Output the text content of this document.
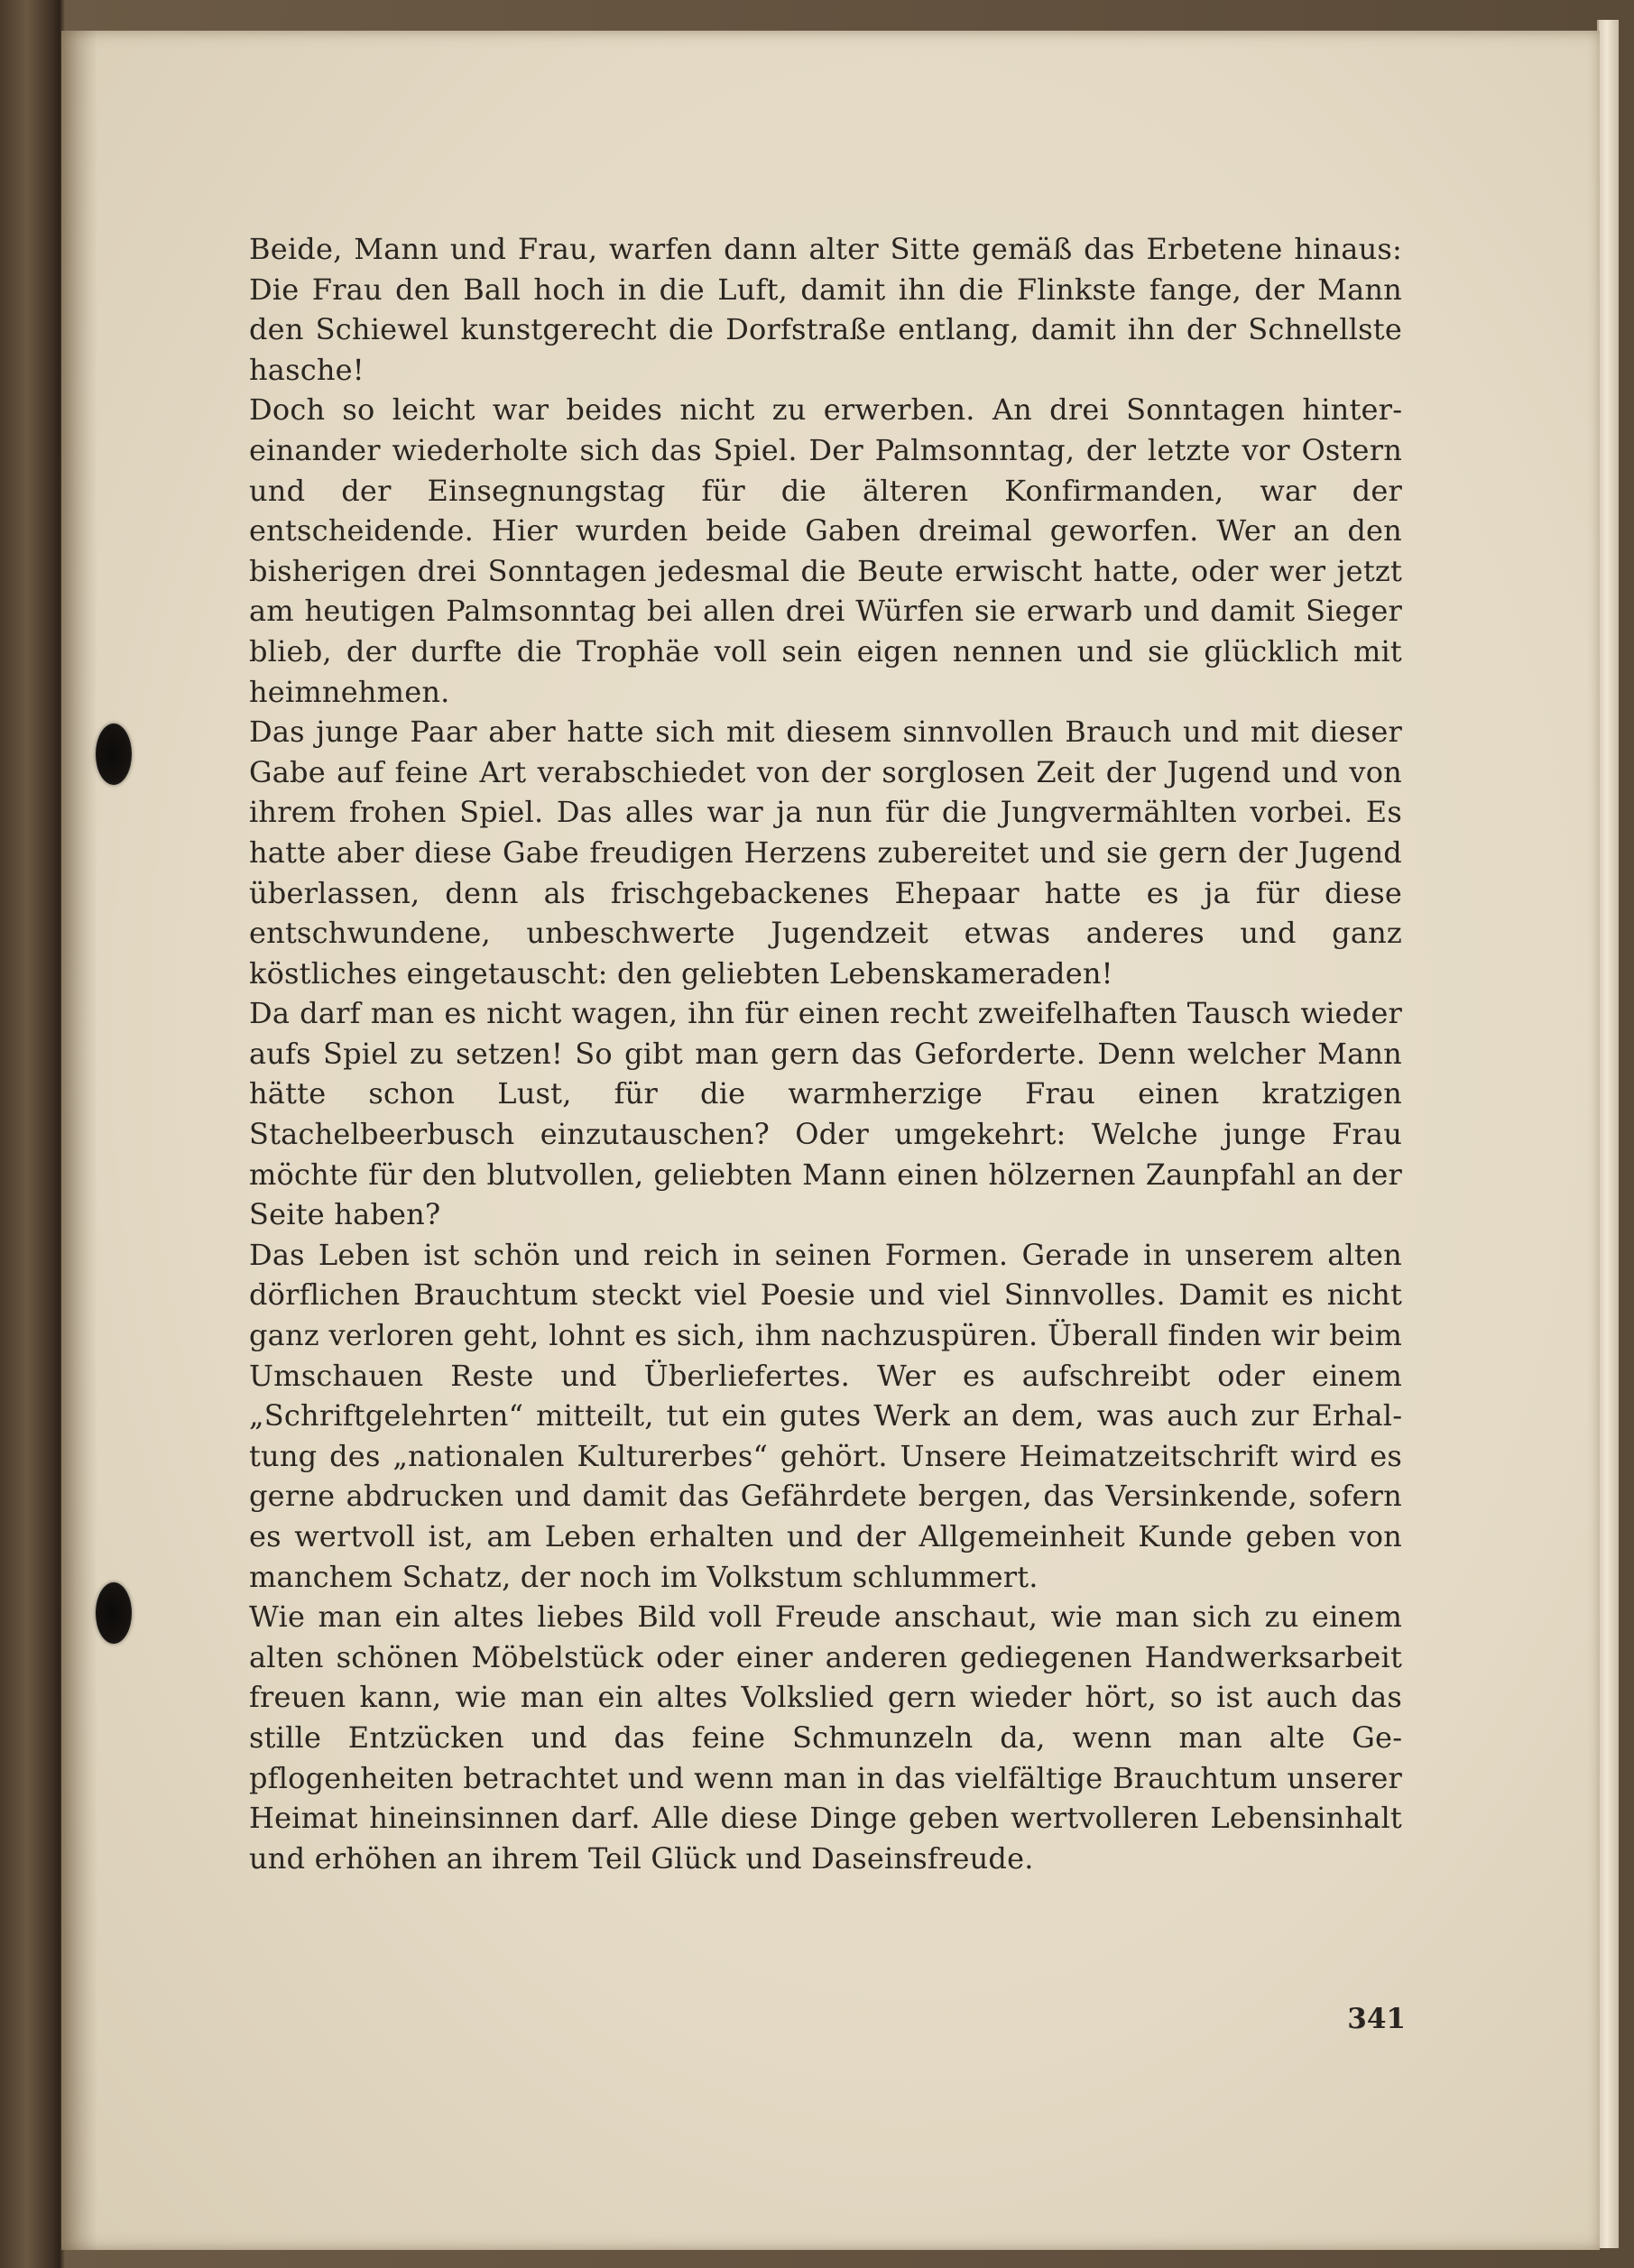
Beide, Mann und Frau, warfen dann alter Sitte gemäß das Erbetene hinaus: Die Frau den Ball hoch in die Luft, damit ihn die Flinkste fange, der Mann den Schiewel kunstgerecht die Dorfstraße entlang, damit ihn der Schnellste hasche!

Doch so leicht war beides nicht zu erwerben. An drei Sonntagen hintereinander wiederholte sich das Spiel. Der Palmsonntag, der letzte vor Ostern und der Einsegnungstag für die älteren Konfirmanden, war der entscheidende. Hier wurden beide Gaben dreimal geworfen. Wer an den bisherigen drei Sonntagen jedesmal die Beute erwischt hatte, oder wer jetzt am heutigen Palmsonntag bei allen drei Würfen sie erwarb und damit Sieger blieb, der durfte die Trophäe voll sein eigen nennen und sie glücklich mit heimnehmen.

Das junge Paar aber hatte sich mit diesem sinnvollen Brauch und mit dieser Gabe auf feine Art verabschiedet von der sorglosen Zeit der Jugend und von ihrem frohen Spiel. Das alles war ja nun für die Jungvermählten vorbei. Es hatte aber diese Gabe freudigen Herzens zubereitet und sie gern der Jugend überlassen, denn als frischgebackenes Ehepaar hatte es ja für diese entschwundene, unbeschwerte Jugendzeit etwas anderes und ganz köstliches eingetauscht: den geliebten Lebenskameraden!

Da darf man es nicht wagen, ihn für einen recht zweifelhaften Tausch wieder aufs Spiel zu setzen! So gibt man gern das Geforderte. Denn welcher Mann hätte schon Lust, für die warmherzige Frau einen kratzigen Stachelbeerbusch einzutauschen? Oder umgekehrt: Welche junge Frau möchte für den blutvollen, geliebten Mann einen hölzernen Zaunpfahl an der Seite haben?

Das Leben ist schön und reich in seinen Formen. Gerade in unserem alten dörflichen Brauchtum steckt viel Poesie und viel Sinnvolles. Damit es nicht ganz verloren geht, lohnt es sich, ihm nachzuspüren. Überall finden wir beim Umschauen Reste und Überliefertes. Wer es aufschreibt oder einem „Schriftgelehrten“ mitteilt, tut ein gutes Werk an dem, was auch zur Erhaltung des „nationalen Kulturerbes“ gehört. Unsere Heimatzeitschrift wird es gerne abdrucken und damit das Gefährdete bergen, das Versinkende, sofern es wertvoll ist, am Leben erhalten und der Allgemeinheit Kunde geben von manchem Schatz, der noch im Volkstum schlummert.

Wie man ein altes liebes Bild voll Freude anschaut, wie man sich zu einem alten schönen Möbelstück oder einer anderen gediegenen Handwerksarbeit freuen kann, wie man ein altes Volkslied gern wieder hört, so ist auch das stille Entzücken und das feine Schmunzeln da, wenn man alte Gepflogenheiten betrachtet und wenn man in das vielfältige Brauchtum unserer Heimat hineinsinnen darf. Alle diese Dinge geben wertvolleren Lebensinhalt und erhöhen an ihrem Teil Glück und Daseinsfreude.

341
